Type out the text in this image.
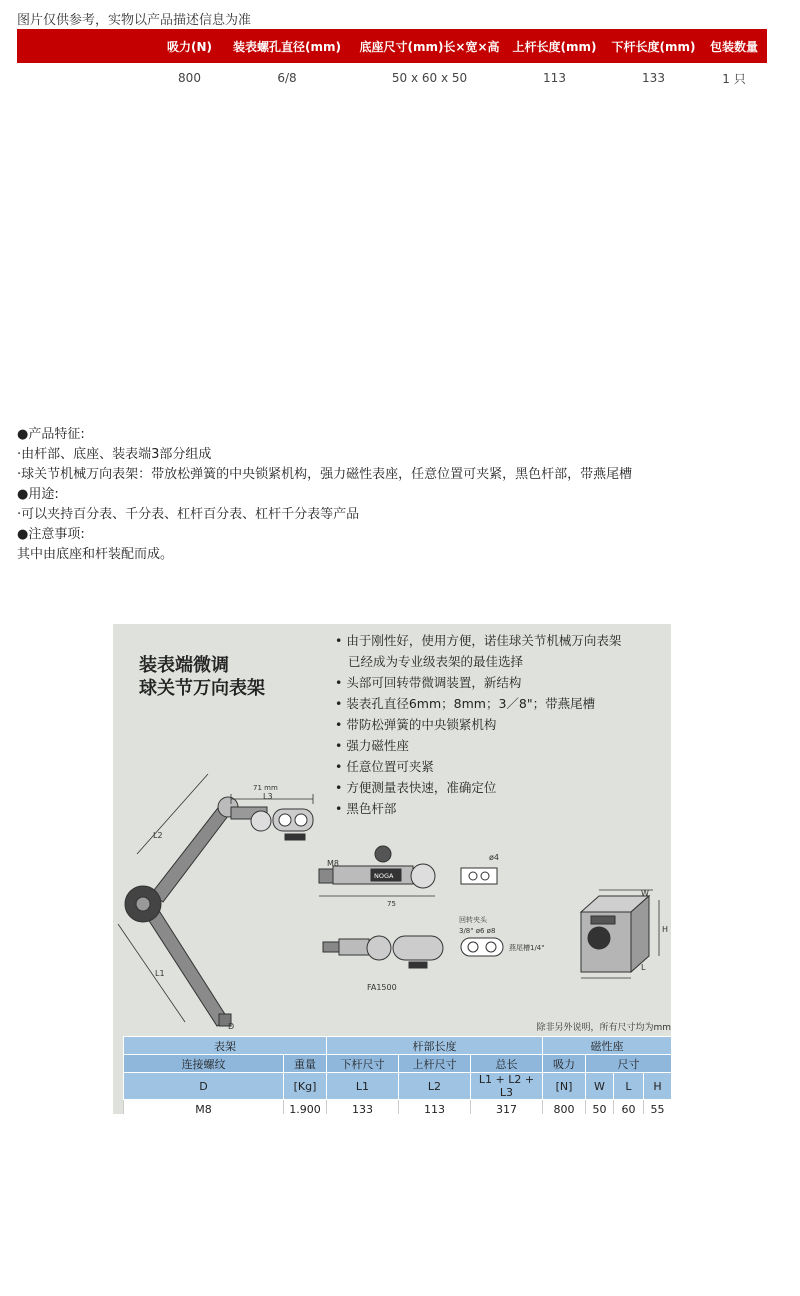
图片仅供参考，实物以产品描述信息为准
	吸力(N)	装表螺孔直径(mm)	底座尺寸(mm)长×宽×高	上杆长度(mm)	下杆长度(mm)	包装数量
	800	6/8	50 x 60 x 50	113	133	1 只
●产品特征:
·由杆部、底座、装表端3部分组成
·球关节机械万向表架：带放松弹簧的中央锁紧机构，强力磁性表座，任意位置可夹紧，黑色杆部，带燕尾槽
●用途:
·可以夹持百分表、千分表、杠杆百分表、杠杆千分表等产品
●注意事项:
其中由底座和杆装配而成。
装表端微调
球关节万向表架
• 由于刚性好，使用方便，诺佳球关节机械万向表架
已经成为专业级表架的最佳选择
• 头部可回转带微调装置，新结构
• 装表孔直径6mm；8mm；3／8"；带燕尾槽
• 带防松弹簧的中央锁紧机构
• 强力磁性座
• 任意位置可夹紧
• 方便测量表快速，准确定位
• 黑色杆部
71 mm
L3
L2
L1
D
M8
NOGA
75
ø4
回转夹头
3/8" ø6 ø8
燕尾槽1/4"
FA1500
W
H
L
除非另外说明，所有尺寸均为mm
表架		杆部长度			磁性座			
连接螺纹	重量	下杆尺寸	上杆尺寸	总长	吸力	尺寸		
D	[Kg]	L1	L2	L1 + L2 + L3	[N]	W	L	H
M8	1.900	133	113	317	800	50	60	55
